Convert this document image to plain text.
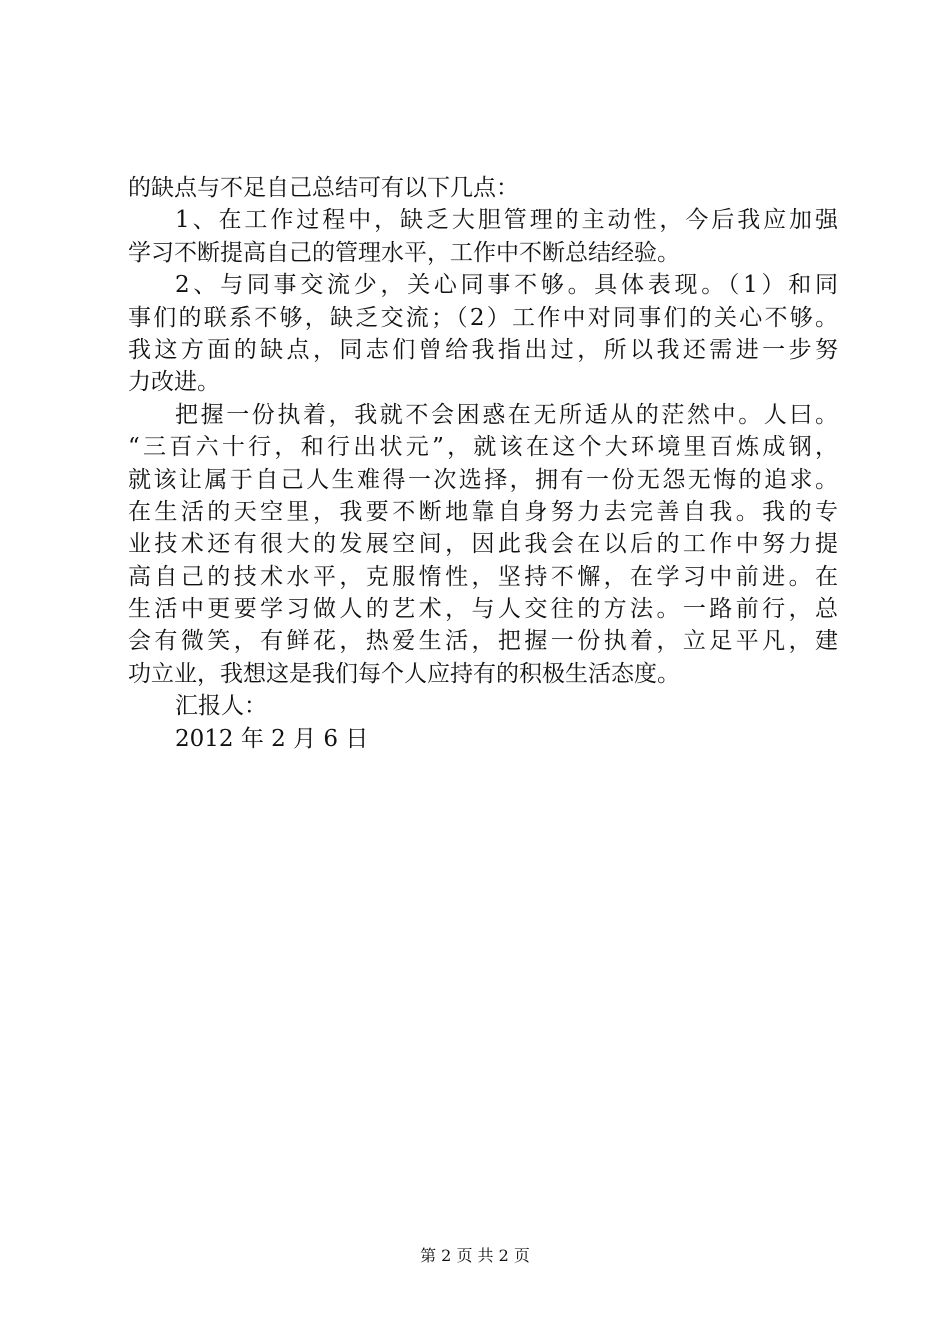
的缺点与不足自己总结可有以下几点：
1、在工作过程中，缺乏大胆管理的主动性，今后我应加强
学习不断提高自己的管理水平，工作中不断总结经验。
2、与同事交流少，关心同事不够。具体表现。（1）和同
事们的联系不够，缺乏交流；（2）工作中对同事们的关心不够。
我这方面的缺点，同志们曾给我指出过，所以我还需进一步努
力改进。
把握一份执着，我就不会困惑在无所适从的茫然中。人曰。
“三百六十行，和行出状元”，就该在这个大环境里百炼成钢，
就该让属于自己人生难得一次选择，拥有一份无怨无悔的追求。
在生活的天空里，我要不断地靠自身努力去完善自我。我的专
业技术还有很大的发展空间，因此我会在以后的工作中努力提
高自己的技术水平，克服惰性，坚持不懈，在学习中前进。在
生活中更要学习做人的艺术，与人交往的方法。一路前行，总
会有微笑，有鲜花，热爱生活，把握一份执着，立足平凡，建
功立业，我想这是我们每个人应持有的积极生活态度。
汇报人：
2012 年 2 月 6 日
第 2 页 共 2 页
